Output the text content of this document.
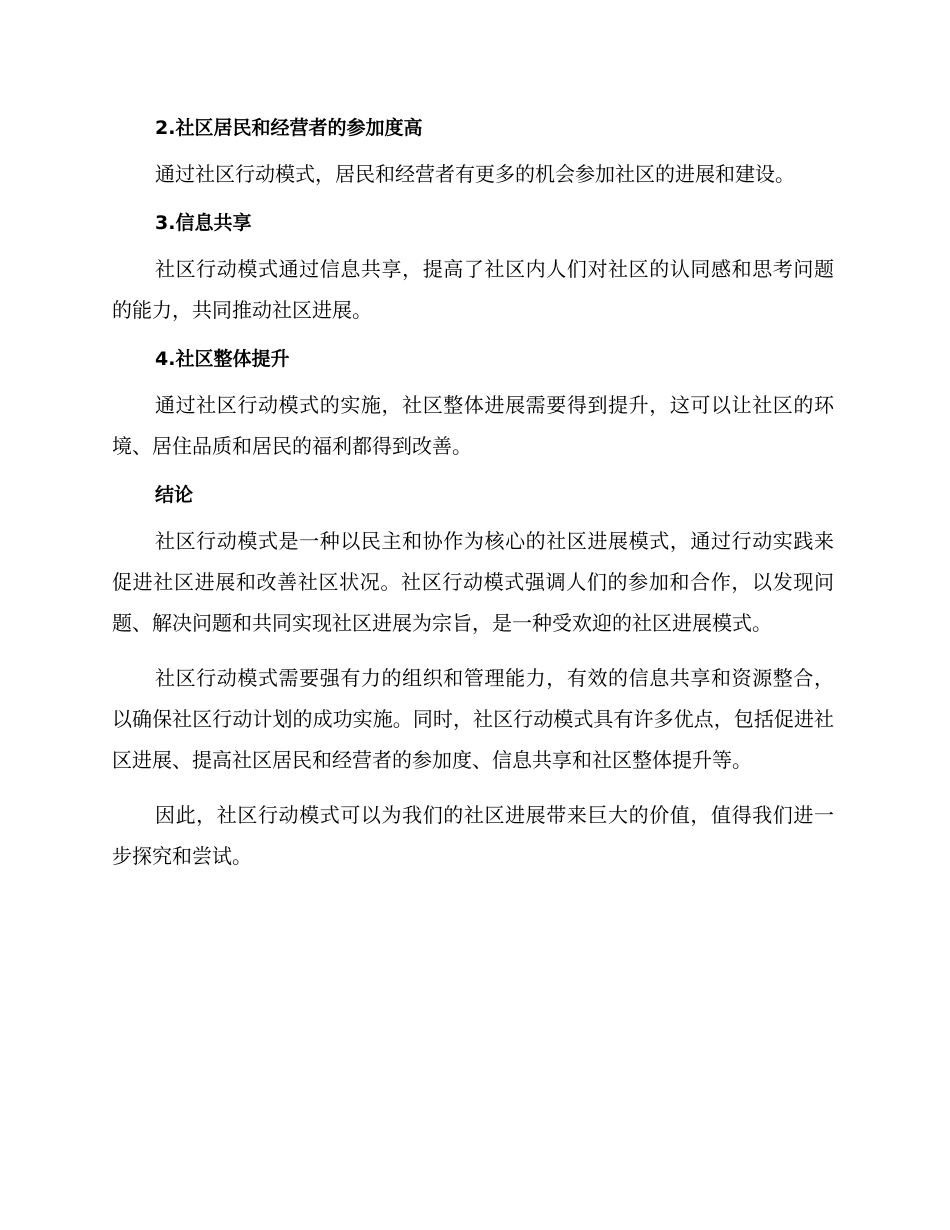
2.社区居民和经营者的参加度高

通过社区行动模式，居民和经营者有更多的机会参加社区的进展和建设。

3.信息共享

社区行动模式通过信息共享，提高了社区内人们对社区的认同感和思考问题的能力，共同推动社区进展。

4.社区整体提升

通过社区行动模式的实施，社区整体进展需要得到提升，这可以让社区的环境、居住品质和居民的福利都得到改善。

结论

社区行动模式是一种以民主和协作为核心的社区进展模式，通过行动实践来促进社区进展和改善社区状况。社区行动模式强调人们的参加和合作，以发现问题、解决问题和共同实现社区进展为宗旨，是一种受欢迎的社区进展模式。

社区行动模式需要强有力的组织和管理能力，有效的信息共享和资源整合，以确保社区行动计划的成功实施。同时，社区行动模式具有许多优点，包括促进社区进展、提高社区居民和经营者的参加度、信息共享和社区整体提升等。

因此，社区行动模式可以为我们的社区进展带来巨大的价值，值得我们进一步探究和尝试。
